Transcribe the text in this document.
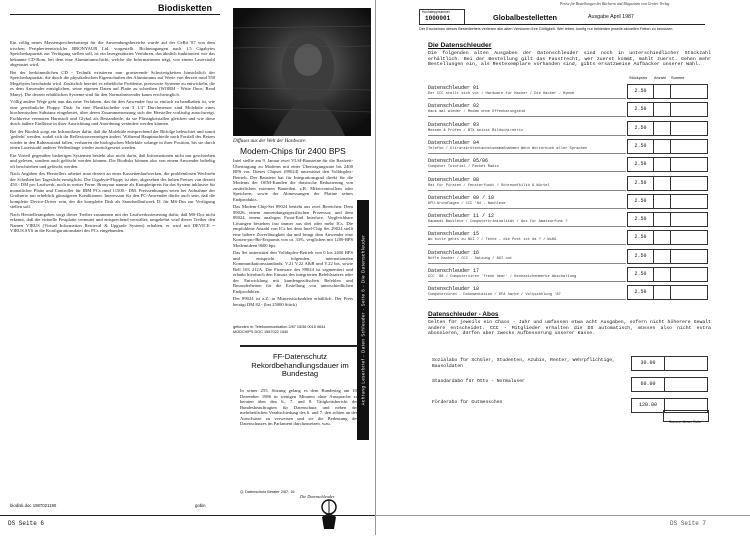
Biodisketten

Ein völlig neues Massenspeicherkonzept für die Anwendungsbereiche wurde auf der CeBit '87 von dem irischen Peripherieentwickler BRONYAUR Ltd. vorgestellt. Bichteingangen nach 1.5 Gigabytes Speicherkapazität zur Verfügung stellen soll, ist ein lasergestütztes Verfahren, das ähnlich funktioniert wie das bekannte CD-Rom, bei dem eine Aluminiumschicht, welche die Informationen trägt, von einem Laserstrahl abgetastet wird.

Bei der herkömmlichen CD - Technik existieren nun gravierende Schwierigkeiten hinsichtlich der Speicherkapazität, die durch die physikalischen Eigenschaften des Aluminiums auf Werte von derzeit rund 550 Megabytes beschränkt wird. Zusätzlich bereitet es erhebliche Probleme, preiswerte Systeme zu entwickeln, die es dem Anwender ermöglichen, seine eigenen Daten auf Platte zu schreiben (WORM - Write Once, Read Many). Die derzeit erhältlichen Systeme sind für den Normalanwender kaum erschwinglich.

Völlig andere Wege geht nun das neue Verfahren, das für den Anwender fast so einfach zu handhaben ist, wie eine gewöhnliche Floppy. Disk: In eine Plastikscheibe von 3 1/4" Durchmesser sind Moleküle eines biochemischen Substanz eingebettet, über deren Zusammensetzung sich der Hersteller vorläufig ausschweigt. Fachkreise vermuten Harnstoff und Glykol als Bestandteile, da sie Flüssigkristallen gleichen und wie diese durch äußere Einflüsse in ihrer Ausrichtung und Anordnung verändert werden können.

Bei der Biodisk sorgt ein Infrarotlaser dafür, daß die Moleküle entsprechend der Bitfolge beleuchtet und somit 'gedreht' werden, sodaß sich ihr Reflexionsvermögen ändert. Während Hauptnachteile nach Fortfall des Reizes wieder in den Ruhezustand fallen, verharren die biologischen Moleküle solange in ihrer Position, bis sie durch einen Laserstrahl anderer Wellenlänge wieder zurückgesetzt werden.

Ein Vorteil gegenüber bisherigen Systemen besteht also nicht darin, daß Informationen nicht nur geschrieben und gelesen, sondern auch gelöscht werden können. Die Biodisks können also von einem Anwender beliebig oft beschrieben und gelöscht werden.

Nach Angaben des Herstellers arbeitet man derzeit an einer Kassettenlaufwerken, die problemlosen Wechseln der Scheiben bei Tageslicht ermöglicht. Die Gigabyte-Floppy ist aber, abgesehen des hohen Preises von derzeit 450.- DM pro Laufwerk, noch in weiter Ferne. Bronyaur nannte als Komplettpreis für das System inklusive für monatlicher Platte und Controller für IBM PCs rund 11500.- DM. Preissenkungen seien bei Aufnahme der Großserie mit erheblich günstigeren Konditionen. Interessant für den PC-Anwender dürfte auch sein, daß die komplette Device-Driver sein, der die komplette Disk als Standardlaufwerk D: für MS-Dos zur Verfügung stellen soll.

Nach Herstellerangaben sorgt dieser Treiber zusammen mit der Laufwerkssteuerung dafür, daß MS-Dos nicht erkennt, daß die virtuelle Festplatte vermutet und entsprechend verwaltet; umgekehrt wird dieser Treiber den Namen VIRUS (Virtual Information Retrieval & Upgrade System) erhalten, er wird mit DEVICE = VIRUS.SYS in die Konfigurationsdatei des PCs eingebunden.

biodisk.doc 1987021190	gobin
Diffuses aus der Welt der Hardware:
Modem-Chips für 2400 BPS

Intel stellte am 9. Januar zwei VLSI-Bausteine für die Realzeit-Übertragung zu Modems mit einer Übertragungsrate bis 2400 BPS vor. Dieses Chipset (89024) unterstützt den Vollduplex-Betrieb. Der Baustein hat für Integrationsgrad direkt für die Modems der OEM-Kunden die drastische Reduzierung von zusätzlichen externen Bauteilen, z.B. Mikrocontrollern oder Speichern, sowie der Abmessungen der Platine seines Endprodukts.

Das Modem-Chip-Set 89024 besteht aus zwei Bereichen: Dem 89026, einem anwendungsspezifischen Prozessor, und dem 89024, einem analogen Front-End Interface. Vergleichbare Lösungen bestehen fast immer aus drei oder mehr ICs. Die empfohlene Anzahl von ICs bei dem Intel-Chip Set 29024 stellt eine höhere Zuverlässigkeit dar und bringt dem Anwender eine Kosten-pro-Bit-Ersparnis von ca. 33%, verglichen mit 1200-BPS Modemideen 9600 bps.

Das Set unterstützt den Vollduplex-Betrieb von 0 bis 2400 BPS und entspricht folgenden internationalen Kommunikationsstandards: V.21 V.22 A&B und V.22 bis, sowie Bell 103 212A. Die Firmware des 89024 ist segmentiert und erlaubt hierdurch den Einsatz des integrierten Befehlssatzes oder der Entwicklung mit kundengezifischen Befehlen und Besonderheiten für die Erstellung von unterschiedlichen Endprodukten.

Der 89024 ist z.Z. in Musterstückzahlen erhältlich. Der Preis beträgt DM 82.- (bei 25000 Stück)

gefunden in: Telekommunikation 2/87 15/38 0015 0634
MODCHIPS.DOC 1987022 1540	Achtung Leserbrief - Daten Schleuder - Seite 6 - Die Datenschleuder
FF-Datenschutz Rekordbehandlungsdauer im Bundestag

In seiner 255. Sitzung gelang es dem Bundestag am 10. Dezember 1986 in wenigen Minuten ohne Aussprache zu beraten über den 6., 7. und 8. Tätigkeitsbericht des Bundesbeauftragten für Datenschutz und neben der mehrheitlichen Verabschiedung des 6. und 7. den achten an den Ausschüsse zu verweisen und sie die Bedeutung des Datenschutzes im Parlament durchzusetzen. wau.

Q: Datenschutz Berater 2/87, 16
Die Datenschleuder
DS Seite 6
Preise für Bestellungen bei Bücherm und Magazinen von Gerber Verlag
Hochsteppnummer
1000001	Globalbestelletten	Ausgabe April 1987
Der Erscheinen dieses Bestellzettels verlieren alle alten Versionen ihre Gültigkeit. Wer leben, konfig nur bekleiden jeweils aktuellen Fetten zu benutzen.
Die Datenschleuder
Die folgenden alten Ausgaben der Datenschleuder sind noch in unterschiedlicher Stückzahl erhältlich. Bei der Bestellung gilt das Faustrecht, wer zuerst kommt, mahlt zuerst. Gehen mehr Bestellungen ein, als Restexemplare vorhanden sind, gibts ersatzweise Aufbacker unserer Wahl.
Stückpreis Anzahl Summe
Datenschleuder 01
Der CCC stellt sich vor / Hardware für Hacker / Die Hacker - Hymne	2.50
Datenschleuder 02
Hack mal wieder / Modem ohne Offenbarungseid	2.50
Datenschleuder 03
Messen & Prüfen / BTX heisst Bildschirmtrix	2.50
Datenschleuder 04
Telefon / Ultrarakrötentachstumsmaßnahmen Wenn Worterbuch aller Sprachen	2.50
Datenschleuder 05/06
Computer Tutorial / Packet Radio	2.50
Datenschleuder 08
Rat für Piraten / Fensterfunkt / Schreumfkilth & Würtel	2.50
Datenschleuder 09 / 10
DFÜ-Grundlagen / CCC '84 - Nachlese	2.50
Datenschleuder 11 / 12
Kaumedt Backlete / Computerkriminalität / Aus für Amateurfunk ?	2.50
Datenschleuder 15
Wo bitte gehts zu NUI ? / Texte - die Post ist da ? / WiKG	2.50
Datenschleuder 16
Nüfle Hacker / CCC - Satzung / NUI out	2.50
Datenschleuder 17
CCC '86 / Computerviren 'fresh hear' / Kennzeichenmerke Abschaltung	2.50
Datenschleuder 18
Computerviren - Dokumentation / DFA harke / Volkszählung '87	2.50
Datenschleuder - Abos
Gelten für jeweils ein Chaos - Jahr und umfassen etwa acht Ausgaben, sofern nicht höherere Gewalt andere entscheidet. CCC - Mitglieder erhalten die DS automatisch, müssen also nicht extra abonnieren, dürfen aber zwecks Aufbesserung unserer Kasse.
Sozialabo für Schüler, Studenten, Azubis, Renter, Wehrpflichtige, Bausoldaten
30.00
Standardabo für Otto - Normaluser	60.00
Förderabo für Gutmenschen	120.00
Summe dieser Seite
DS Seite 7
